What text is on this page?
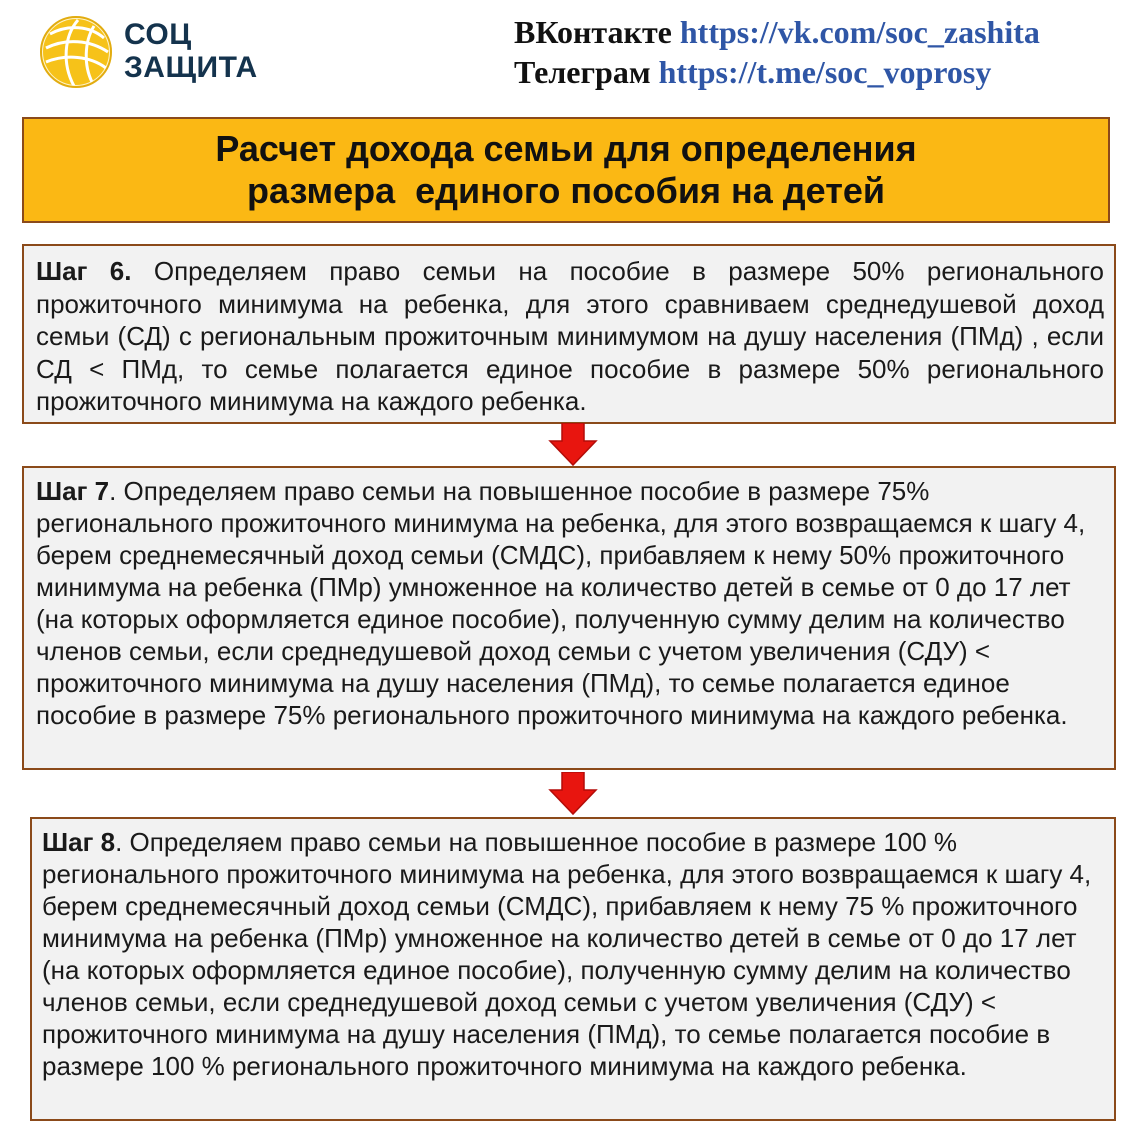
СОЦ
ЗАЩИТА
ВКонтакте https://vk.com/soc_zashita
Телеграм https://t.me/soc_voprosy
Расчет дохода семьи для определения
размера  единого пособия на детей

Шаг 6. Определяем право семьи на пособие в размере 50% регионального прожиточного минимума на ребенка, для этого сравниваем среднедушевой доход семьи (СД) с региональным прожиточным минимумом на душу населения (ПМд) , если СД ˂ ПМд, то семье полагается единое пособие в размере 50% регионального прожиточного минимума на каждого ребенка.

Шаг 7. Определяем право семьи на повышенное пособие в размере 75% регионального прожиточного минимума на ребенка, для этого возвращаемся к шагу 4, берем среднемесячный доход семьи (СМДС), прибавляем к нему 50% прожиточного минимума на ребенка (ПМр) умноженное на количество детей в семье от 0 до 17 лет (на которых оформляется единое пособие), полученную сумму делим на количество членов семьи, если среднедушевой доход семьи с учетом увеличения (СДУ) ˂ прожиточного минимума на душу населения (ПМд), то семье полагается единое пособие в размере 75% регионального прожиточного минимума на каждого ребенка.

Шаг 8. Определяем право семьи на повышенное пособие в размере 100 % регионального прожиточного минимума на ребенка, для этого возвращаемся к шагу 4, берем среднемесячный доход семьи (СМДС), прибавляем к нему 75 % прожиточного минимума на ребенка (ПМр) умноженное на количество детей в семье от 0 до 17 лет (на которых оформляется единое пособие), полученную сумму делим на количество членов семьи, если среднедушевой доход семьи с учетом увеличения (СДУ) ˂ прожиточного минимума на душу населения (ПМд), то семье полагается пособие в размере 100 % регионального прожиточного минимума на каждого ребенка.
